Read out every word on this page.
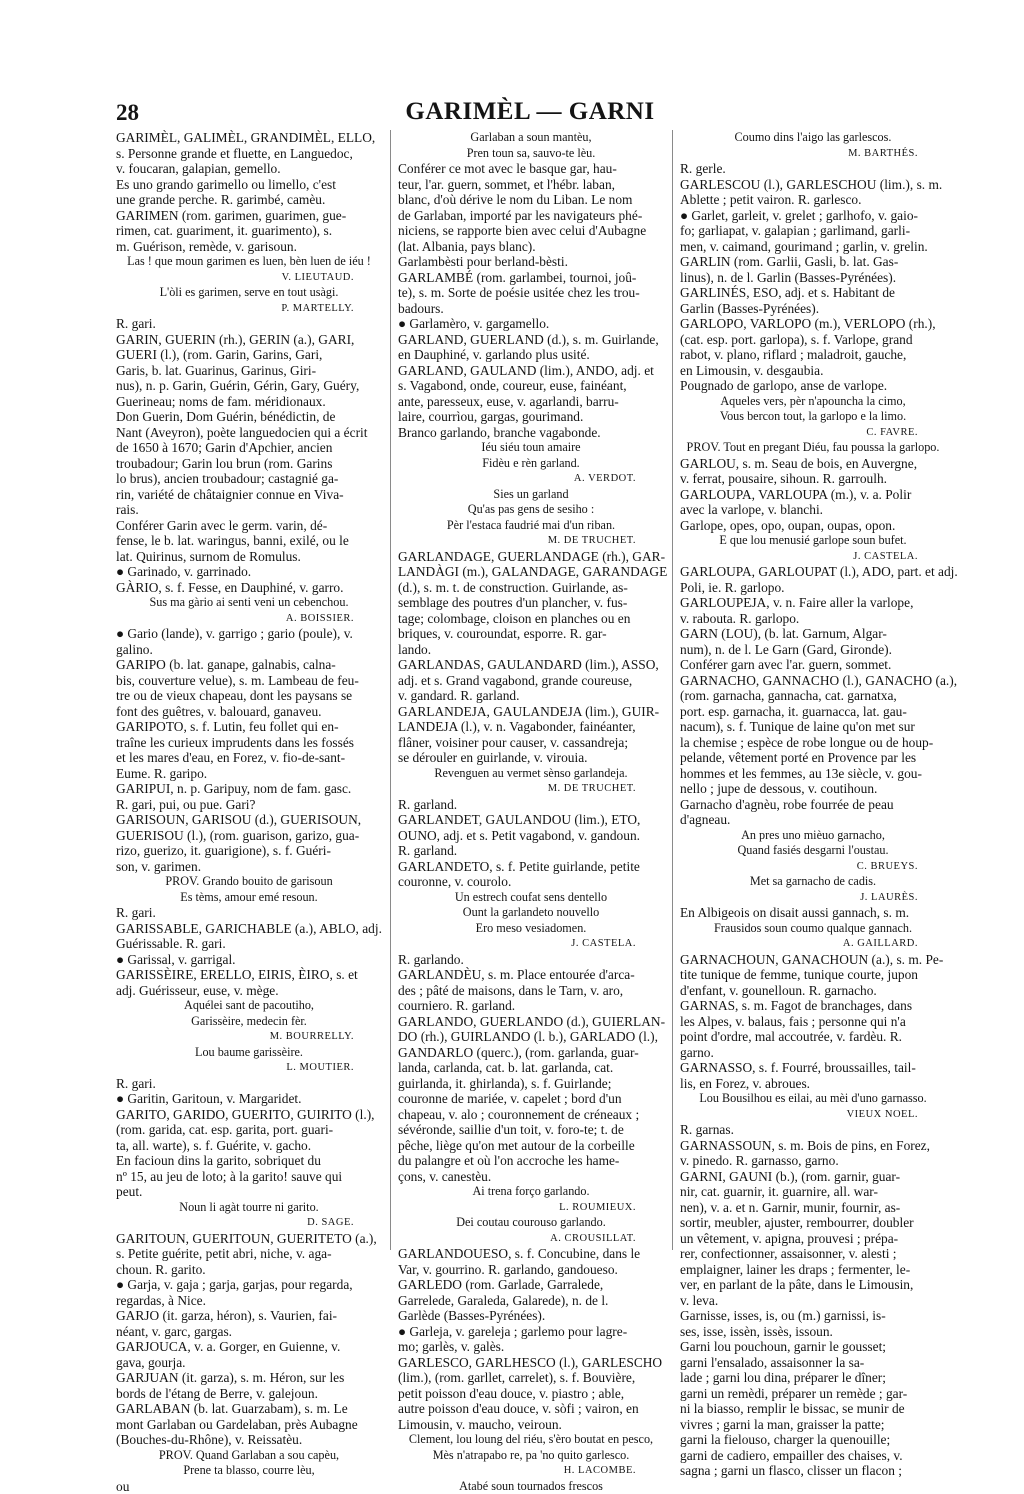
28	GARIMÈL — GARNI
GARIMÈL, GALIMÈL, GRANDIMÈL, ELLO,
s. Personne grande et fluette, en Languedoc,
v. foucaran, galapian, gemello.
Es uno grando garimello ou limello, c'est
une grande perche. R. garimbé, camèu.
GARIMEN (rom. garimen, guarimen, gue-
rimen, cat. guariment, it. guarimento), s.
m. Guérison, remède, v. garisoun.
Las ! que moun garimen es luen, bèn luen de iéu !
V. LIEUTAUD.
L'òli es garimen, serve en tout usàgi.
P. MARTELLY.
R. gari.
GARIN, GUERIN (rh.), GERIN (a.), GARI,
GUERI (l.), (rom. Garin, Garins, Gari,
Garis, b. lat. Guarinus, Garinus, Giri-
nus), n. p. Garin, Guérin, Gérin, Gary, Guéry,
Guerineau; noms de fam. méridionaux.
Don Guerin, Dom Guérin, bénédictin, de
Nant (Aveyron), poète languedocien qui a écrit
de 1650 à 1670; Garin d'Apchier, ancien
troubadour; Garin lou brun (rom. Garins
lo brus), ancien troubadour; castagnié ga-
rin, variété de châtaignier connue en Viva-
rais.
Conférer Garin avec le germ. varin, dé-
fense, le b. lat. waringus, banni, exilé, ou le
lat. Quirinus, surnom de Romulus.
● Garinado, v. garrinado.
GÀRIO, s. f. Fesse, en Dauphiné, v. garro.
Sus ma gàrio ai senti veni un cebenchou.
A. BOISSIER.
● Gario (lande), v. garrigo ; gario (poule), v.
galino.
GARIPO (b. lat. ganape, galnabis, calna-
bis, couverture velue), s. m. Lambeau de feu-
tre ou de vieux chapeau, dont les paysans se
font des guêtres, v. balouard, ganaveu.
GARIPOTO, s. f. Lutin, feu follet qui en-
traîne les curieux imprudents dans les fossés
et les mares d'eau, en Forez, v. fio-de-sant-
Eume. R. garipo.
GARIPUI, n. p. Garipuy, nom de fam. gasc.
R. gari, pui, ou pue. Gari?
GARISOUN, GARISOU (d.), GUERISOUN,
GUERISOU (l.), (rom. guarison, garizo, gua-
rizo, guerizo, it. guarigione), s. f. Guéri-
son, v. garimen.
PROV. Grando bouito de garisoun
Es tèms, amour emé resoun.
R. gari.
GARISSABLE, GARICHABLE (a.), ABLO, adj.
Guérissable. R. gari.
● Garissal, v. garrigal.
GARISSÈIRE, ERELLO, EIRIS, ÈIRO, s. et
adj. Guérisseur, euse, v. mège.
Aquélei sant de pacoutiho,
Garissèire, medecin fèr.
M. BOURRELLY.
Lou baume garissèire.
L. MOUTIER.
R. gari.
● Garitin, Garitoun, v. Margaridet.
GARITO, GARIDO, GUERITO, GUIRITO (l.),
(rom. garida, cat. esp. garita, port. guari-
ta, all. warte), s. f. Guérite, v. gacho.
En facioun dins la garito, sobriquet du
nº 15, au jeu de loto; à la garito! sauve qui
peut.
Noun li agàt tourre ni garito.
D. SAGE.
GARITOUN, GUERITOUN, GUERITETO (a.),
s. Petite guérite, petit abri, niche, v. aga-
choun. R. garito.
● Garja, v. gaja ; garja, garjas, pour regarda,
regardas, à Nice.
GARJO (it. garza, héron), s. Vaurien, fai-
néant, v. garc, gargas.
GARJOUCA, v. a. Gorger, en Guienne, v.
gava, gourja.
GARJUAN (it. garza), s. m. Héron, sur les
bords de l'étang de Berre, v. galejoun.
GARLABAN (b. lat. Guarzabam), s. m. Le
mont Garlaban ou Gardelaban, près Aubagne
(Bouches-du-Rhône), v. Reissatèu.
PROV. Quand Garlaban a sou capèu,
Prene ta blasso, courre lèu,
ou
Garlaban a soun mantèu,
Pren toun sa, sauvo-te lèu.
Conférer ce mot avec le basque gar, hau-
teur, l'ar. guern, sommet, et l'hébr. laban,
blanc, d'où dérive le nom du Liban. Le nom
de Garlaban, importé par les navigateurs phé-
niciens, se rapporte bien avec celui d'Aubagne
(lat. Albania, pays blanc).
Garlambèsti pour berland-bèsti.
GARLAMBÉ (rom. garlambei, tournoi, joû-
te), s. m. Sorte de poésie usitée chez les trou-
badours.
● Garlamèro, v. gargamello.
GARLAND, GUERLAND (d.), s. m. Guirlande,
en Dauphiné, v. garlando plus usité.
GARLAND, GAULAND (lim.), ANDO, adj. et
s. Vagabond, onde, coureur, euse, fainéant,
ante, paresseux, euse, v. agarlandi, barru-
laire, courrìou, gargas, gourimand.
Branco garlando, branche vagabonde.
Iéu siéu toun amaire
Fidèu e rèn garland.
A. VERDOT.
Sies un garland
Qu'as pas gens de sesiho :
Pèr l'estaca faudrié mai d'un riban.
M. DE TRUCHET.
GARLANDAGE, GUERLANDAGE (rh.), GAR-
LANDÀGI (m.), GALANDAGE, GARANDAGE
(d.), s. m. t. de construction. Guirlande, as-
semblage des poutres d'un plancher, v. fus-
tage; colombage, cloison en planches ou en
briques, v. couroundat, esporre. R. gar-
lando.
GARLANDAS, GAULANDARD (lim.), ASSO,
adj. et s. Grand vagabond, grande coureuse,
v. gandard. R. garland.
GARLANDEJA, GAULANDEJA (lim.), GUIR-
LANDEJA (l.), v. n. Vagabonder, fainéanter,
flâner, voisiner pour causer, v. cassandreja;
se dérouler en guirlande, v. virouia.
Revenguen au vermet sènso garlandeja.
M. DE TRUCHET.
R. garland.
GARLANDET, GAULANDOU (lim.), ETO,
OUNO, adj. et s. Petit vagabond, v. gandoun.
R. garland.
GARLANDETO, s. f. Petite guirlande, petite
couronne, v. courolo.
Un estrech coufat sens dentello
Ount la garlandeto nouvello
Ero meso vesiadomen.
J. CASTELA.
R. garlando.
GARLANDÈU, s. m. Place entourée d'arca-
des ; pâté de maisons, dans le Tarn, v. aro,
courniero. R. garland.
GARLANDO, GUERLANDO (d.), GUIERLAN-
DO (rh.), GUIRLANDO (l. b.), GARLADO (l.),
GANDARLO (querc.), (rom. garlanda, guar-
landa, carlanda, cat. b. lat. garlanda, cat.
guirlanda, it. ghirlanda), s. f. Guirlande;
couronne de mariée, v. capelet ; bord d'un
chapeau, v. alo ; couronnement de créneaux ;
sévéronde, saillie d'un toit, v. foro-te; t. de
pêche, liège qu'on met autour de la corbeille
du palangre et où l'on accroche les hame-
çons, v. canestèu.
Ai trena forço garlando.
L. ROUMIEUX.
Dei coutau courouso garlando.
A. CROUSILLAT.
GARLANDOUESO, s. f. Concubine, dans le
Var, v. gourrino. R. garlando, gandoueso.
GARLEDO (rom. Garlade, Garralede,
Garrelede, Garaleda, Galarede), n. de l.
Garlède (Basses-Pyrénées).
● Garleja, v. gareleja ; garlemo pour lagre-
mo; garlès, v. galès.
GARLESCO, GARLHESCO (l.), GARLESCHO
(lim.), (rom. garllet, carrelet), s. f. Bouvière,
petit poisson d'eau douce, v. piastro ; able,
autre poisson d'eau douce, v. sòfi ; vairon, en
Limousin, v. maucho, veiroun.
Clement, lou loung del riéu, s'èro boutat en pesco,
Mès n'atrapabo re, pa 'no quito garlesco.
H. LACOMBE.
Atabé soun tournados frescos
Coumo dins l'aigo las garlescos.
M. BARTHÉS.
R. gerle.
GARLESCOU (l.), GARLESCHOU (lim.), s. m.
Ablette ; petit vairon. R. garlesco.
● Garlet, garleit, v. grelet ; garlhofo, v. gaio-
fo; garliapat, v. galapian ; garlimand, garli-
men, v. caimand, gourimand ; garlin, v. grelin.
GARLIN (rom. Garlii, Gasli, b. lat. Gas-
linus), n. de l. Garlin (Basses-Pyrénées).
GARLINÉS, ESO, adj. et s. Habitant de
Garlin (Basses-Pyrénées).
GARLOPO, VARLOPO (m.), VERLOPO (rh.),
(cat. esp. port. garlopa), s. f. Varlope, grand
rabot, v. plano, riflard ; maladroit, gauche,
en Limousin, v. desgaubia.
Pougnado de garlopo, anse de varlope.
Aqueles vers, pèr n'apouncha la cimo,
Vous bercon tout, la garlopo e la limo.
C. FAVRE.
PROV. Tout en pregant Diéu, fau poussa la garlopo.
GARLOU, s. m. Seau de bois, en Auvergne,
v. ferrat, pousaire, sihoun. R. garroulh.
GARLOUPA, VARLOUPA (m.), v. a. Polir
avec la varlope, v. blanchi.
Garlope, opes, opo, oupan, oupas, opon.
E que lou menusié garlope soun bufet.
J. CASTELA.
GARLOUPA, GARLOUPAT (l.), ADO, part. et adj.
Poli, ie. R. garlopo.
GARLOUPEJA, v. n. Faire aller la varlope,
v. rabouta. R. garlopo.
GARN (LOU), (b. lat. Garnum, Algar-
num), n. de l. Le Garn (Gard, Gironde).
Conférer garn avec l'ar. guern, sommet.
GARNACHO, GANNACHO (l.), GANACHO (a.),
(rom. garnacha, gannacha, cat. garnatxa,
port. esp. garnacha, it. guarnacca, lat. gau-
nacum), s. f. Tunique de laine qu'on met sur
la chemise ; espèce de robe longue ou de houp-
pelande, vêtement porté en Provence par les
hommes et les femmes, au 13e siècle, v. gou-
nello ; jupe de dessous, v. coutihoun.
Garnacho d'agnèu, robe fourrée de peau
d'agneau.
An pres uno mièuo garnacho,
Quand fasiés desgarni l'oustau.
C. BRUEYS.
Met sa garnacho de cadis.
J. LAURÈS.
En Albigeois on disait aussi gannach, s. m.
Frausidos soun coumo qualque gannach.
A. GAILLARD.
GARNACHOUN, GANACHOUN (a.), s. m. Pe-
tite tunique de femme, tunique courte, jupon
d'enfant, v. gounelloun. R. garnacho.
GARNAS, s. m. Fagot de branchages, dans
les Alpes, v. balaus, fais ; personne qui n'a
point d'ordre, mal accoutrée, v. fardèu. R.
garno.
GARNASSO, s. f. Fourré, broussailles, tail-
lis, en Forez, v. abroues.
Lou Bousilhou es eilai, au mèi d'uno garnasso.
VIEUX NOEL.
R. garnas.
GARNASSOUN, s. m. Bois de pins, en Forez,
v. pinedo. R. garnasso, garno.
GARNI, GAUNI (b.), (rom. garnir, guar-
nir, cat. guarnir, it. guarnire, all. war-
nen), v. a. et n. Garnir, munir, fournir, as-
sortir, meubler, ajuster, rembourrer, doubler
un vêtement, v. apigna, prouvesi ; prépa-
rer, confectionner, assaisonner, v. alesti ;
emplaigner, lainer les draps ; fermenter, le-
ver, en parlant de la pâte, dans le Limousin,
v. leva.
Garnisse, isses, is, ou (m.) garnissi, is-
ses, isse, issèn, issès, issoun.
Garni lou pouchoun, garnir le gousset;
garni l'ensalado, assaisonner la sa-
lade ; garni lou dina, préparer le dîner;
garni un remèdi, préparer un remède ; gar-
ni la biasso, remplir le bissac, se munir de
vivres ; garni la man, graisser la patte;
garni la fielouso, charger la quenouille;
garni de cadiero, empailler des chaises, v.
sagna ; garni un flasco, clisser un flacon ;
